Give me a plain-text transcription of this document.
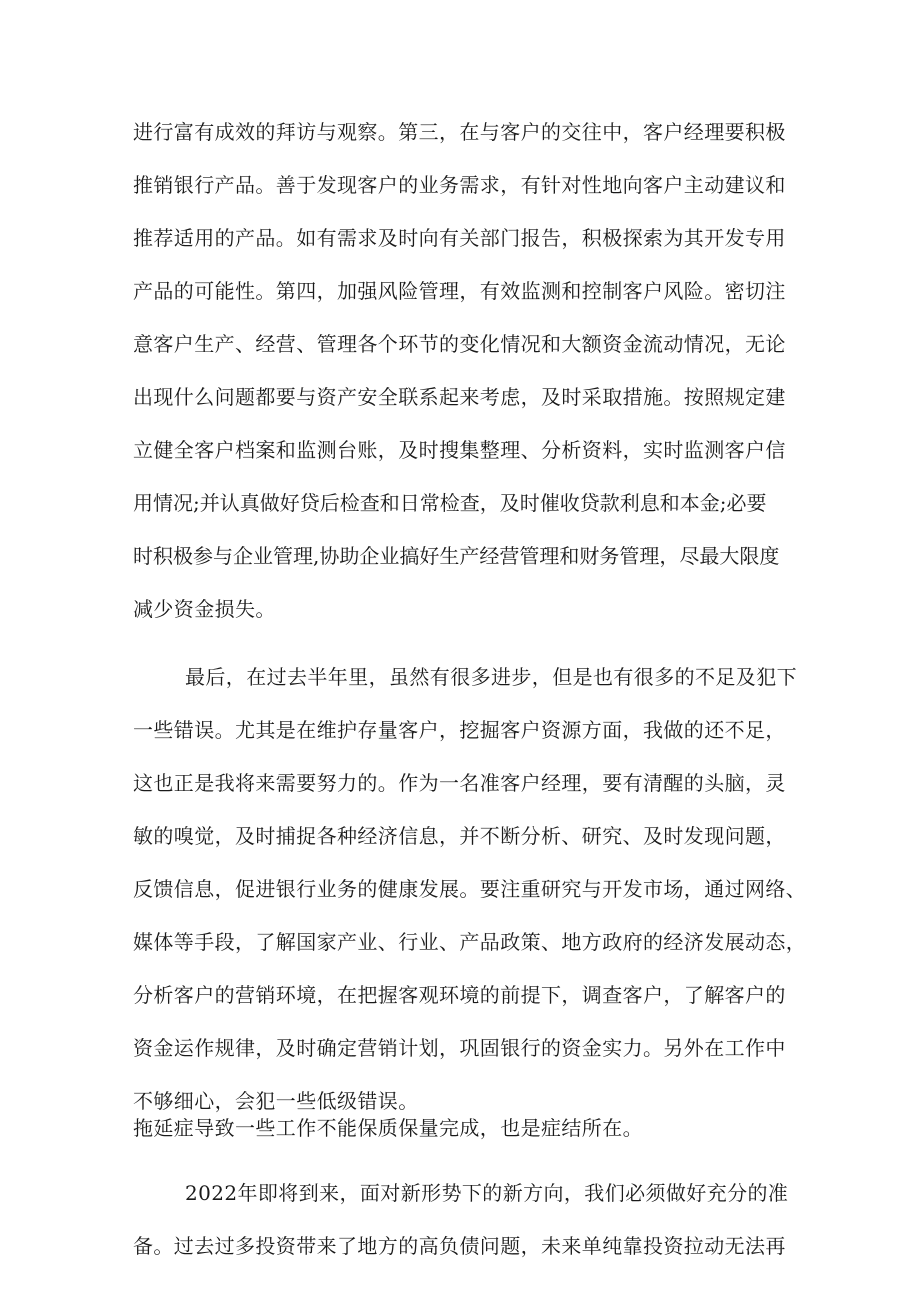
进行富有成效的拜访与观察。第三，在与客户的交往中，客户经理要积极
推销银行产品。善于发现客户的业务需求，有针对性地向客户主动建议和
推荐适用的产品。如有需求及时向有关部门报告，积极探索为其开发专用
产品的可能性。第四，加强风险管理，有效监测和控制客户风险。密切注
意客户生产、经营、管理各个环节的变化情况和大额资金流动情况，无论
出现什么问题都要与资产安全联系起来考虑，及时采取措施。按照规定建
立健全客户档案和监测台账，及时搜集整理、分析资料，实时监测客户信
用情况;并认真做好贷后检查和日常检查，及时催收贷款利息和本金;必要
时积极参与企业管理,协助企业搞好生产经营管理和财务管理，尽最大限度
减少资金损失。
最后，在过去半年里，虽然有很多进步，但是也有很多的不足及犯下
一些错误。尤其是在维护存量客户，挖掘客户资源方面，我做的还不足，
这也正是我将来需要努力的。作为一名准客户经理，要有清醒的头脑，灵
敏的嗅觉，及时捕捉各种经济信息，并不断分析、研究、及时发现问题，
反馈信息，促进银行业务的健康发展。要注重研究与开发市场，通过网络、
媒体等手段，了解国家产业、行业、产品政策、地方政府的经济发展动态，
分析客户的营销环境，在把握客观环境的前提下，调查客户，了解客户的
资金运作规律，及时确定营销计划，巩固银行的资金实力。另外在工作中
不够细心，会犯一些低级错误。
拖延症导致一些工作不能保质保量完成，也是症结所在。
2022年即将到来，面对新形势下的新方向，我们必须做好充分的准
备。过去过多投资带来了地方的高负债问题，未来单纯靠投资拉动无法再
